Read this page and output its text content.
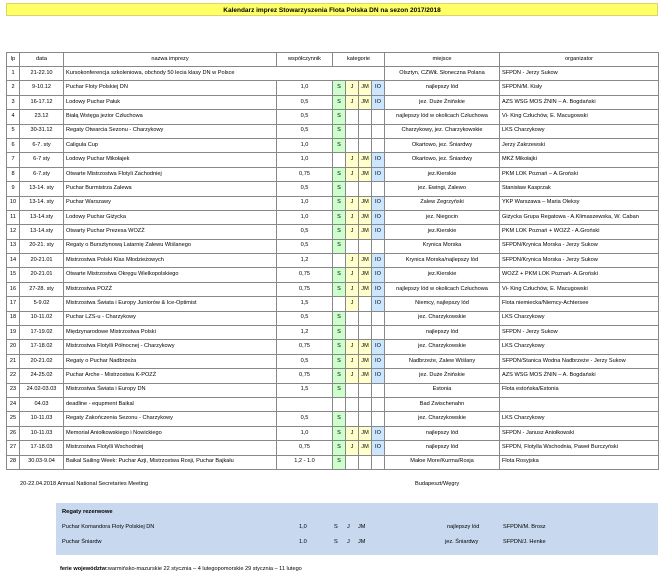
Kalendarz imprez Stowarzyszenia Flota Polska DN na sezon 2017/2018
lp	data	nazwa imprezy	współczynnik	kategorie				miejsce	organizator
1	21-22.10	Kursokonferencja szkoleniowa, obchody 50 lecia klasy DN w Polsce						Olsztyn, CZWiŁ Słoneczna Polana	SFPDN - Jerzy Sukow
2	9-10.12	Puchar Floty Polskiej DN	1,0	S	J	JM	IO	najlepszy lód	SFPDN/M. Kisły
3	16-17.12	Lodowy Puchar Pałuk	0,5	S	J	JM	IO	jez. Duże Żnińskie	AZS WSG MOS ŻNIN – A. Bogdański
4	23.12	Białą Wstęga jezior Człuchowa	0,5	S				najlepszy lód w okolicach Człuchowa	Vi- King Człuchów, E. Macugowski
5	30-31.12	Regaty Otwarcia Sezonu - Charzykowy	0,5	S				Charzykowy, jez. Charzykowskie	LKS Charzykowy
6	6-7. sty	Caligula Cup	1,0	S				Okartowo, jez. Śniardwy	Jerzy Zakrzewski
7	6-7 sty	Lodowy Puchar Mikołajek	1,0		J	JM	IO	Okartowo, jez. Śniardwy	MKŻ Mikołajki
8	6-7.sty	Otwarte Mistrzostwa Flotyli Zachodniej	0,75	S	J	JM	IO	jez.Kierskie	PKM LOK Poznań – A.Groński
9	13-14. sty	Puchar Burmistrza Zalewa	0,5	S				jez. Ewingi, Zalewo	Stanisław Kasprzak
10	13-14. sty	Puchar Warszawy	1,0	S	J	JM	IO	Zalew Zegrzyński	YKP Warszawa – Maria Oleksy
11	13-14.sty	Lodowy Puchar Giżycka	1,0	S	J	JM	IO	jez. Niegocin	Giżycka Grupa Regatowa - A.Klimaszewska, W. Caban
12	13-14.sty	Otwarty Puchar Prezesa WOZŻ	0,5	S	J	JM	IO	jez.Kierskie	PKM LOK Poznań + WOZŻ - A.Groński
13	20-21. sty	Regaty o Bursztynową Latarnię Zalewu Wiślanego	0,5	S				Krynica Morska	SFPDN/Krynica Morska - Jerzy Sukow
14	20-21.01	Mistrzostwa Polski Klas Młodzieżowych	1,2		J	JM	IO	Krynica Morska/najlepszy lód	SFPDN/Krynica Morska - Jerzy Sukow
15	20-21.01	Otwarte Mistrzostwa Okręgu Wielkopolskiego	0,75	S	J	JM	IO	jez.Kierskie	WOZŻ + PKM LOK Poznań- A.Groński
16	27-28. sty	Mistrzostwa POZŻ	0,75	S	J	JM	IO	najlepszy lód w okolicach Człuchowa	Vi- King Człuchów, E. Macugowski
17	5-9.02	Mistrzostwa Świata i Europy Juniorów & Ice-Optimist	1,5		J		IO	Niemcy, najlepszy lód	Flota niemiecka/Niemcy-Achtersee
18	10-11.02	Puchar LZS-u - Charzykowy	0,5	S				jez. Charzykowskie	LKS Charzykowy
19	17-19.02	Międzynarodowe Mistrzostwa Polski	1,2	S				najlepszy lód	SFPDN - Jerzy Sukow
20	17-18.02	Mistrzostwa Flotylli Północnej - Charzykowy	0,75	S	J	JM	IO	jez. Charzykowskie	LKS Charzykowy
21	20-21.02	Regaty o Puchar Nadbrzeża	0,5	S	J	JM	IO	Nadbrzeże, Zalew Wiślany	SFPDN/Stanica Wodna Nadbrzeże - Jerzy Sukow
22	24-25.02	Puchar Arche - Mistrzostwa K-POZŻ	0,75	S	J	JM	IO	jez. Duże Żnińskie	AZS WSG MOS ŻNIN – A. Bogdański
23	24.02-03.03	Mistrzostwa Świata i Europy DN	1,5	S				Estonia	Flota estońska/Estonia
24	04.03	deadline - equpment Baikal						Bad Zwischenahn	
25	10-11.03	Regaty Zakończenia Sezonu - Charzykowy	0,5	S				jez. Charzykowskie	LKS Charzykowy
26	10-11.03	Memoriał Aniołkowskiego i Nowickiego	1,0	S	J	JM	IO	najlepszy lód	SFPDN - Janusz Aniołkowski
27	17-18.03	Mistrzostwa Flotylli Wschodniej	0,75	S	J	JM	IO	najlepszy lód	SFPDN, Flotylla Wschodnia, Paweł Burczyński
28	30.03-9.04	Baikal Sailing Week: Puchar Azji, Mistrzostwa Rosji, Puchar Bajkału	1,2 - 1.0	S				Małoe More/Kurma/Rosja	Flota Rosyjska
20-22.04.2018 Annual National Secretaries Meeting	Budapeszt/Węgry
Regaty rezerwowe
Puchar Komandora Floty Polskiej DN	1,0	S J JM	najlepszy lód	SFPDN/M. Brosz
Puchar Śniardw	1.0	S J JM	jez. Śniardwy	SFPDN/J. Henke
ferie województw:warmińsko-mazurskie 22 stycznia – 4 lutegopomorskie 29 stycznia – 11 lutego
